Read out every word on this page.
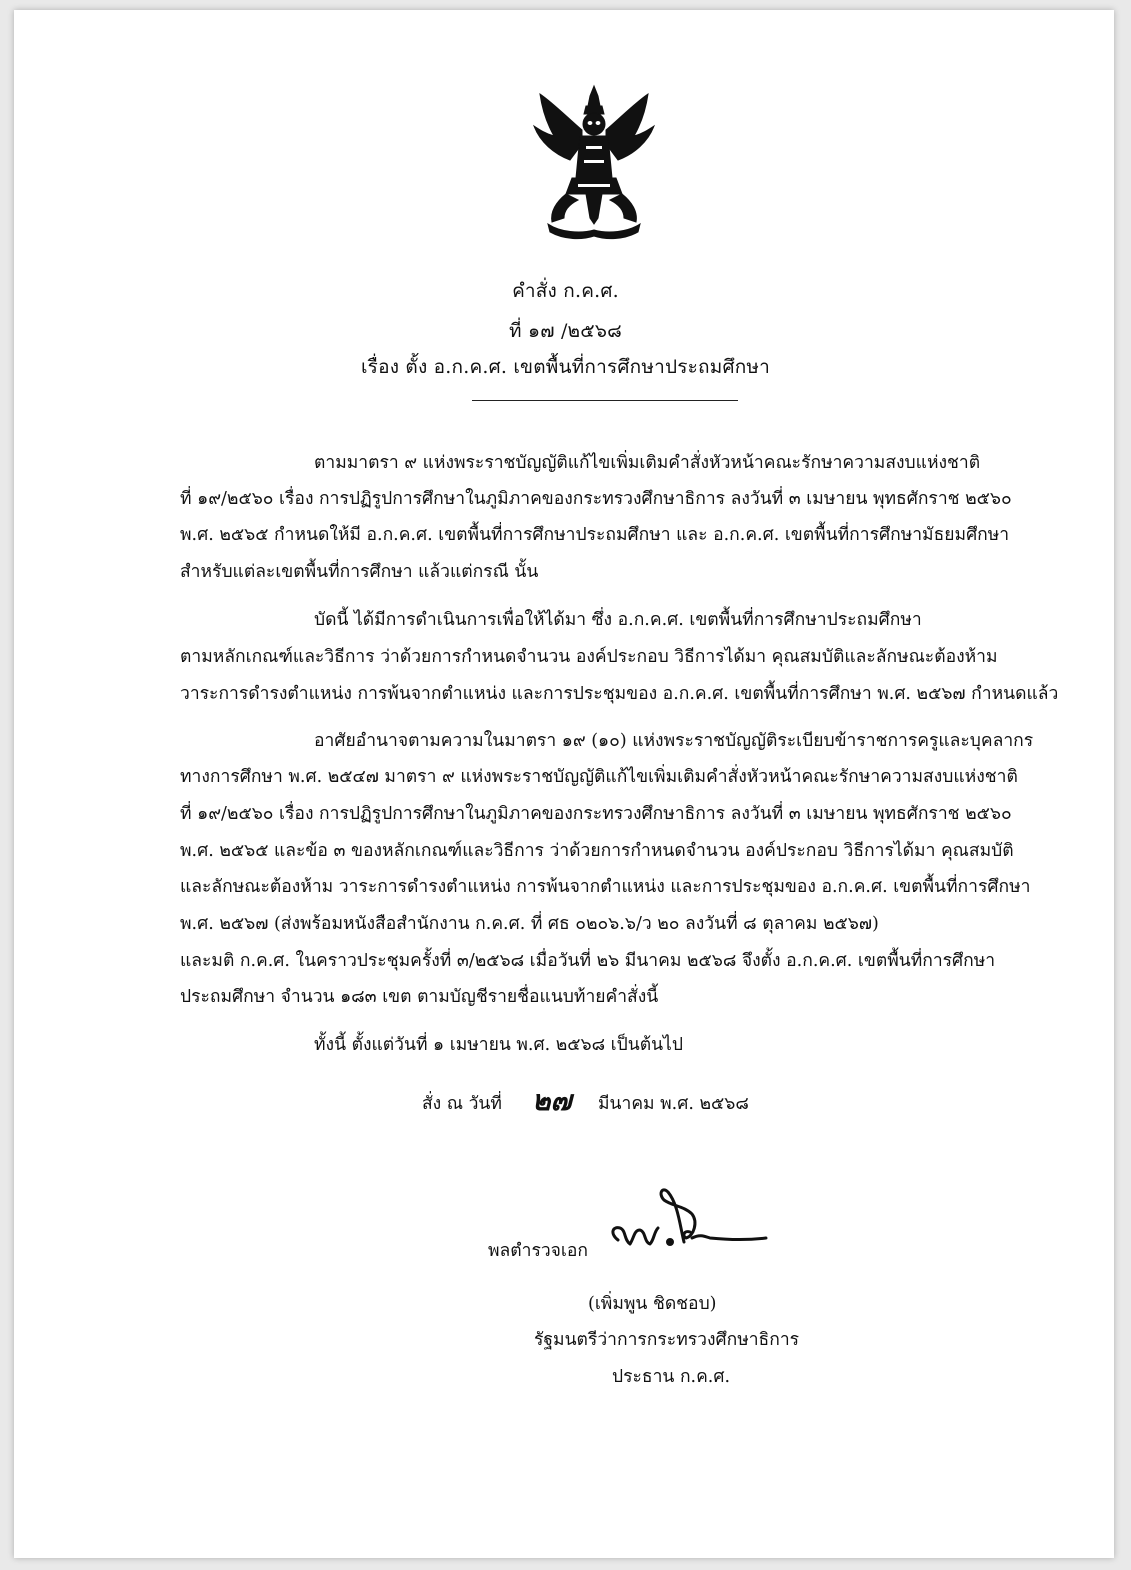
คำสั่ง ก.ค.ศ.
ที่ ๑๗ /๒๕๖๘
เรื่อง ตั้ง อ.ก.ค.ศ. เขตพื้นที่การศึกษาประถมศึกษา
ตามมาตรา ๙ แห่งพระราชบัญญัติแก้ไขเพิ่มเติมคำสั่งหัวหน้าคณะรักษาความสงบแห่งชาติ
ที่ ๑๙/๒๕๖๐ เรื่อง การปฏิรูปการศึกษาในภูมิภาคของกระทรวงศึกษาธิการ ลงวันที่ ๓ เมษายน พุทธศักราช ๒๕๖๐
พ.ศ. ๒๕๖๕ กำหนดให้มี อ.ก.ค.ศ. เขตพื้นที่การศึกษาประถมศึกษา และ อ.ก.ค.ศ. เขตพื้นที่การศึกษามัธยมศึกษา
สำหรับแต่ละเขตพื้นที่การศึกษา แล้วแต่กรณี นั้น
บัดนี้ ได้มีการดำเนินการเพื่อให้ได้มา ซึ่ง อ.ก.ค.ศ. เขตพื้นที่การศึกษาประถมศึกษา
ตามหลักเกณฑ์และวิธีการ ว่าด้วยการกำหนดจำนวน องค์ประกอบ วิธีการได้มา คุณสมบัติและลักษณะต้องห้าม
วาระการดำรงตำแหน่ง การพ้นจากตำแหน่ง และการประชุมของ อ.ก.ค.ศ. เขตพื้นที่การศึกษา พ.ศ. ๒๕๖๗ กำหนดแล้ว
อาศัยอำนาจตามความในมาตรา ๑๙ (๑๐) แห่งพระราชบัญญัติระเบียบข้าราชการครูและบุคลากร
ทางการศึกษา พ.ศ. ๒๕๔๗ มาตรา ๙ แห่งพระราชบัญญัติแก้ไขเพิ่มเติมคำสั่งหัวหน้าคณะรักษาความสงบแห่งชาติ
ที่ ๑๙/๒๕๖๐ เรื่อง การปฏิรูปการศึกษาในภูมิภาคของกระทรวงศึกษาธิการ ลงวันที่ ๓ เมษายน พุทธศักราช ๒๕๖๐
พ.ศ. ๒๕๖๕ และข้อ ๓ ของหลักเกณฑ์และวิธีการ ว่าด้วยการกำหนดจำนวน องค์ประกอบ วิธีการได้มา คุณสมบัติ
และลักษณะต้องห้าม วาระการดำรงตำแหน่ง การพ้นจากตำแหน่ง และการประชุมของ อ.ก.ค.ศ. เขตพื้นที่การศึกษา
พ.ศ. ๒๕๖๗ (ส่งพร้อมหนังสือสำนักงาน ก.ค.ศ. ที่ ศธ ๐๒๐๖.๖/ว ๒๐ ลงวันที่ ๘ ตุลาคม ๒๕๖๗)
และมติ ก.ค.ศ. ในคราวประชุมครั้งที่ ๓/๒๕๖๘ เมื่อวันที่ ๒๖ มีนาคม ๒๕๖๘ จึงตั้ง อ.ก.ค.ศ. เขตพื้นที่การศึกษา
ประถมศึกษา จำนวน ๑๘๓ เขต ตามบัญชีรายชื่อแนบท้ายคำสั่งนี้
ทั้งนี้ ตั้งแต่วันที่ ๑ เมษายน พ.ศ. ๒๕๖๘ เป็นต้นไป
สั่ง ณ วันที่ ๒๗ มีนาคม พ.ศ. ๒๕๖๘
พลตำรวจเอก
(เพิ่มพูน ชิดชอบ)
รัฐมนตรีว่าการกระทรวงศึกษาธิการ
ประธาน ก.ค.ศ.
